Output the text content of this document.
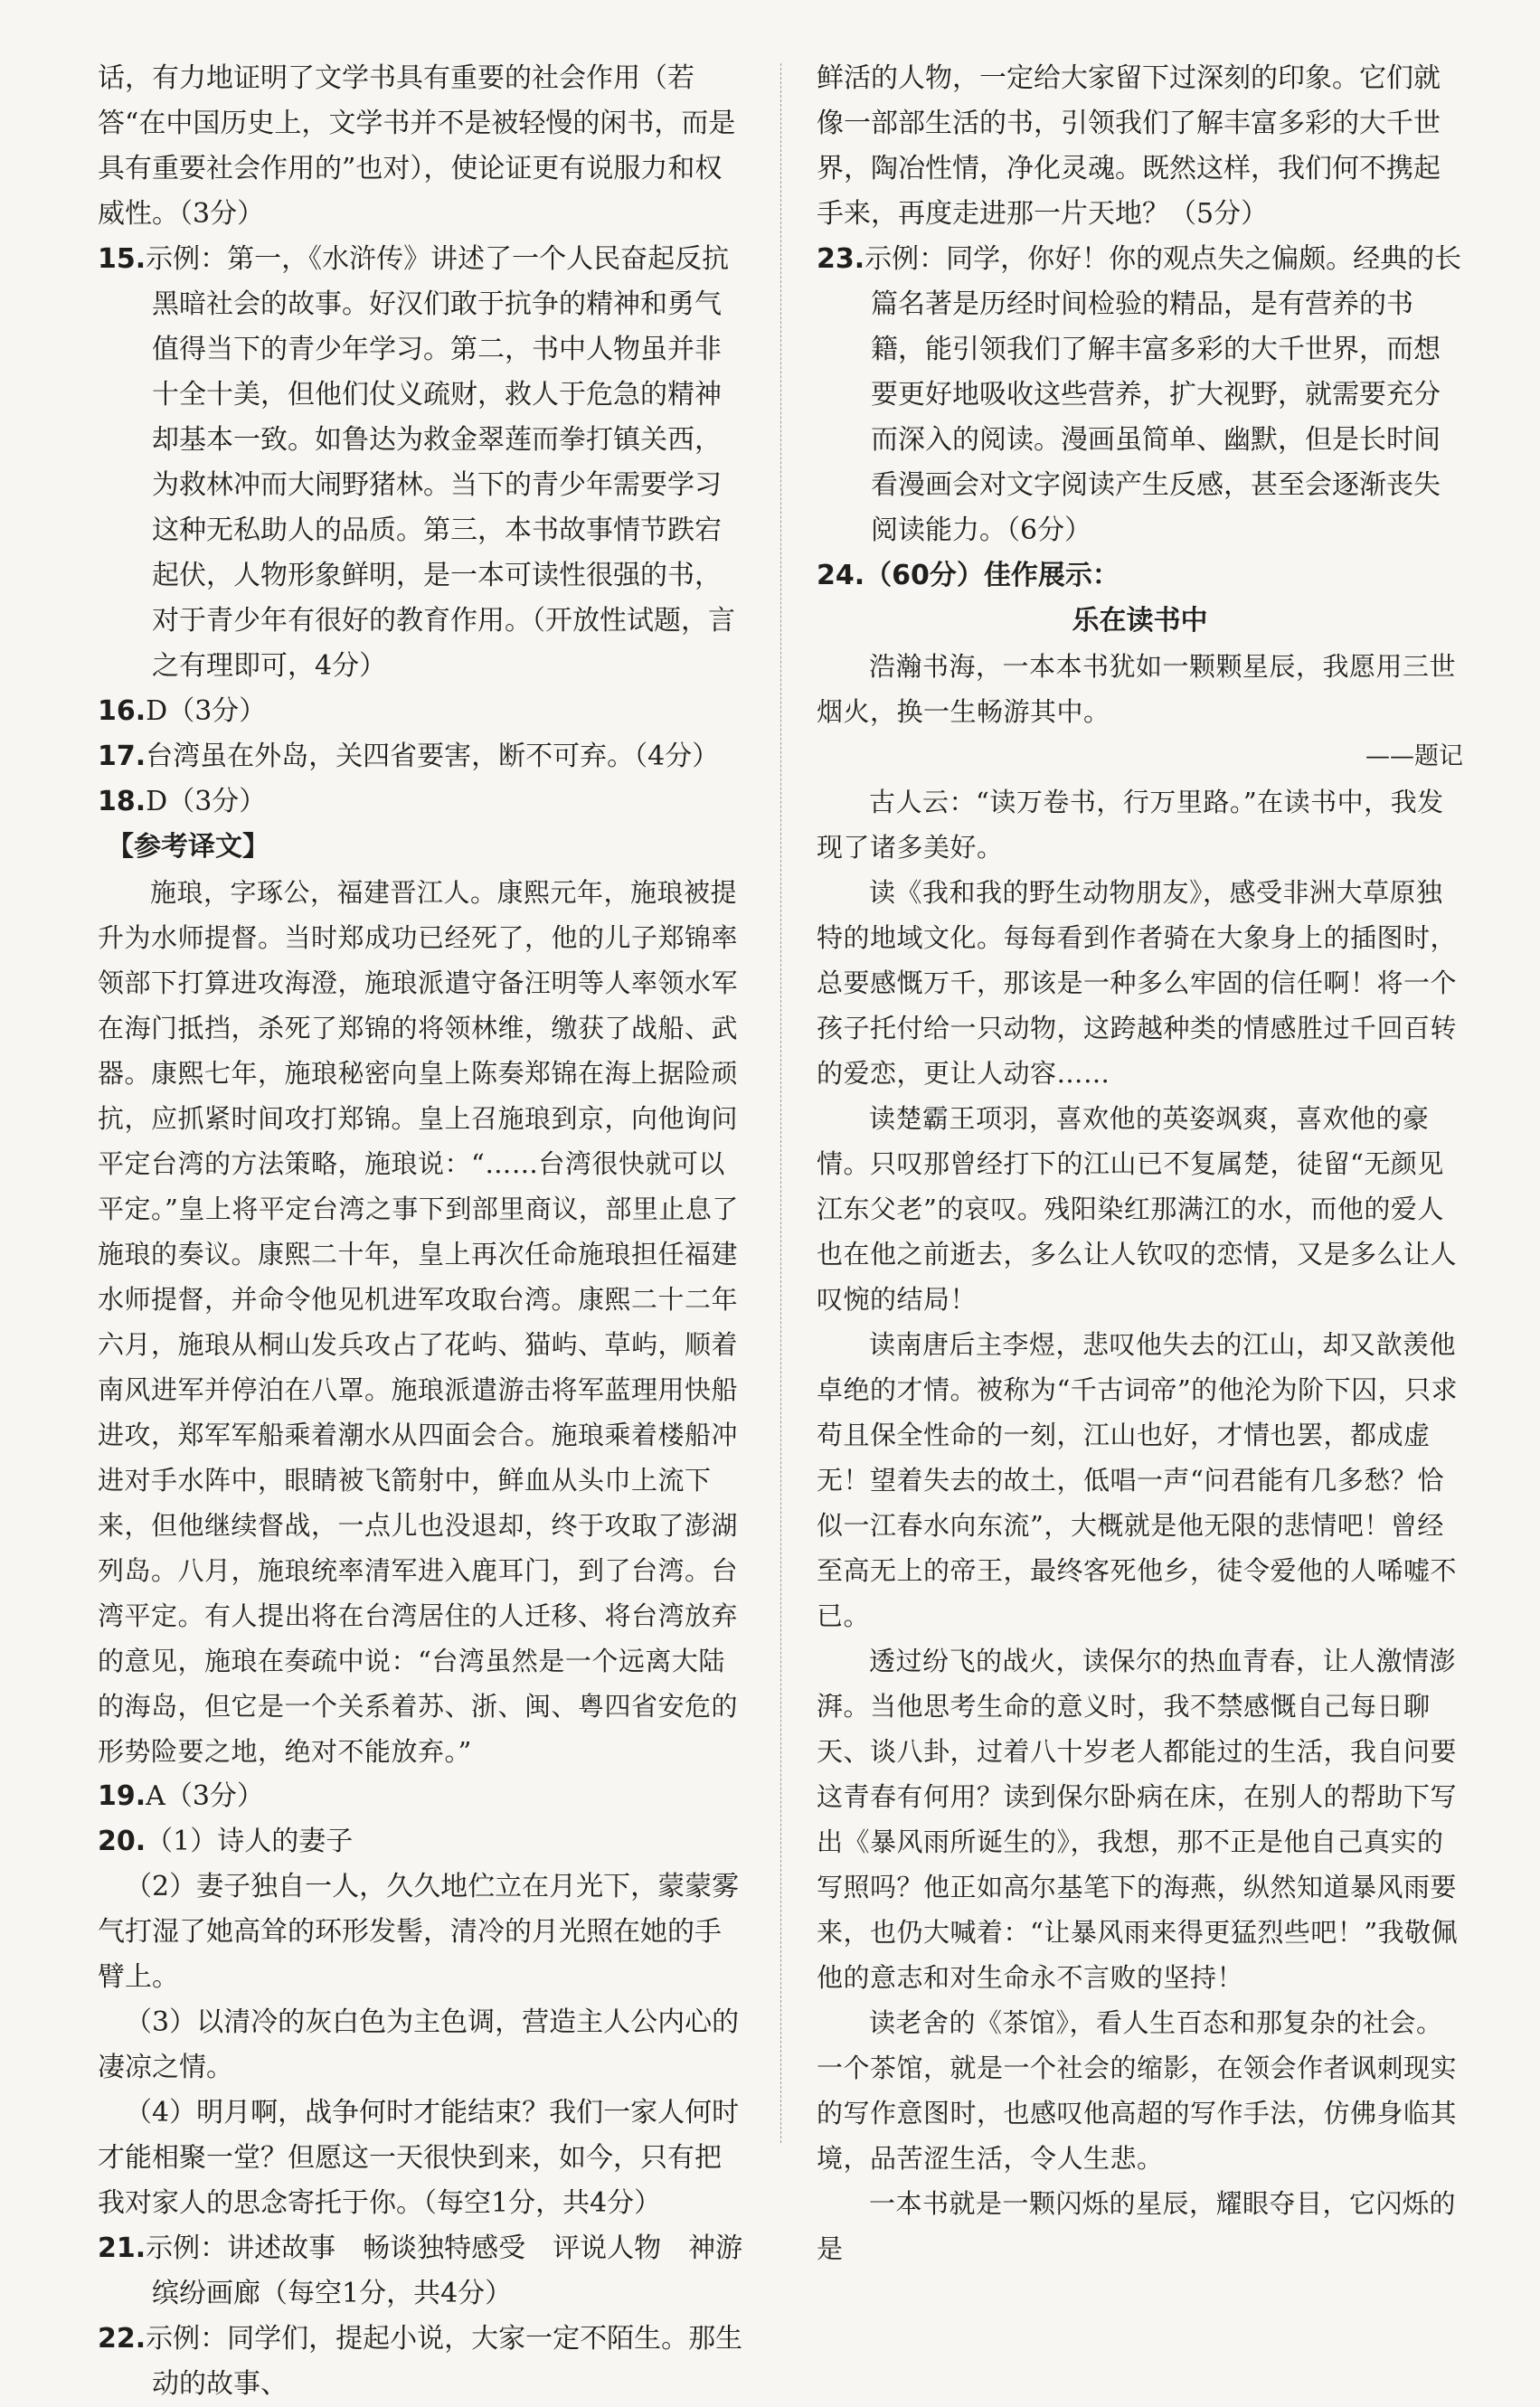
话，有力地证明了文学书具有重要的社会作用（若答“在中国历史上，文学书并不是被轻慢的闲书，而是具有重要社会作用的”也对），使论证更有说服力和权威性。（3分）

15.示例：第一，《水浒传》讲述了一个人民奋起反抗黑暗社会的故事。好汉们敢于抗争的精神和勇气值得当下的青少年学习。第二，书中人物虽并非十全十美，但他们仗义疏财，救人于危急的精神却基本一致。如鲁达为救金翠莲而拳打镇关西，为救林冲而大闹野猪林。当下的青少年需要学习这种无私助人的品质。第三，本书故事情节跌宕起伏，人物形象鲜明，是一本可读性很强的书，对于青少年有很好的教育作用。（开放性试题，言之有理即可，4分）

16.D（3分）

17.台湾虽在外岛，关四省要害，断不可弃。（4分）

18.D（3分）

【参考译文】

施琅，字琢公，福建晋江人。康熙元年，施琅被提升为水师提督。当时郑成功已经死了，他的儿子郑锦率领部下打算进攻海澄，施琅派遣守备汪明等人率领水军在海门抵挡，杀死了郑锦的将领林维，缴获了战船、武器。康熙七年，施琅秘密向皇上陈奏郑锦在海上据险顽抗，应抓紧时间攻打郑锦。皇上召施琅到京，向他询问平定台湾的方法策略，施琅说：“……台湾很快就可以平定。”皇上将平定台湾之事下到部里商议，部里止息了施琅的奏议。康熙二十年，皇上再次任命施琅担任福建水师提督，并命令他见机进军攻取台湾。康熙二十二年六月，施琅从桐山发兵攻占了花屿、猫屿、草屿，顺着南风进军并停泊在八罩。施琅派遣游击将军蓝理用快船进攻，郑军军船乘着潮水从四面会合。施琅乘着楼船冲进对手水阵中，眼睛被飞箭射中，鲜血从头巾上流下来，但他继续督战，一点儿也没退却，终于攻取了澎湖列岛。八月，施琅统率清军进入鹿耳门，到了台湾。台湾平定。有人提出将在台湾居住的人迁移、将台湾放弃的意见，施琅在奏疏中说：“台湾虽然是一个远离大陆的海岛，但它是一个关系着苏、浙、闽、粤四省安危的形势险要之地，绝对不能放弃。”

19.A（3分）

20.（1）诗人的妻子

（2）妻子独自一人，久久地伫立在月光下，蒙蒙雾气打湿了她高耸的环形发髻，清冷的月光照在她的手臂上。

（3）以清冷的灰白色为主色调，营造主人公内心的凄凉之情。

（4）明月啊，战争何时才能结束？我们一家人何时才能相聚一堂？但愿这一天很快到来，如今，只有把我对家人的思念寄托于你。（每空1分，共4分）

21.示例：讲述故事　畅谈独特感受　评说人物　神游缤纷画廊（每空1分，共4分）

22.示例：同学们，提起小说，大家一定不陌生。那生动的故事、

鲜活的人物，一定给大家留下过深刻的印象。它们就像一部部生活的书，引领我们了解丰富多彩的大千世界，陶冶性情，净化灵魂。既然这样，我们何不携起手来，再度走进那一片天地？（5分）

23.示例：同学，你好！你的观点失之偏颇。经典的长篇名著是历经时间检验的精品，是有营养的书籍，能引领我们了解丰富多彩的大千世界，而想要更好地吸收这些营养，扩大视野，就需要充分而深入的阅读。漫画虽简单、幽默，但是长时间看漫画会对文字阅读产生反感，甚至会逐渐丧失阅读能力。（6分）

24.（60分）佳作展示：

乐在读书中

浩瀚书海，一本本书犹如一颗颗星辰，我愿用三世烟火，换一生畅游其中。

——题记

古人云：“读万卷书，行万里路。”在读书中，我发现了诸多美好。

读《我和我的野生动物朋友》，感受非洲大草原独特的地域文化。每每看到作者骑在大象身上的插图时，总要感慨万千，那该是一种多么牢固的信任啊！将一个孩子托付给一只动物，这跨越种类的情感胜过千回百转的爱恋，更让人动容……

读楚霸王项羽，喜欢他的英姿飒爽，喜欢他的豪情。只叹那曾经打下的江山已不复属楚，徒留“无颜见江东父老”的哀叹。残阳染红那满江的水，而他的爱人也在他之前逝去，多么让人钦叹的恋情，又是多么让人叹惋的结局！

读南唐后主李煜，悲叹他失去的江山，却又歆羡他卓绝的才情。被称为“千古词帝”的他沦为阶下囚，只求苟且保全性命的一刻，江山也好，才情也罢，都成虚无！望着失去的故土，低唱一声“问君能有几多愁？恰似一江春水向东流”，大概就是他无限的悲情吧！曾经至高无上的帝王，最终客死他乡，徒令爱他的人唏嘘不已。

透过纷飞的战火，读保尔的热血青春，让人激情澎湃。当他思考生命的意义时，我不禁感慨自己每日聊天、谈八卦，过着八十岁老人都能过的生活，我自问要这青春有何用？读到保尔卧病在床，在别人的帮助下写出《暴风雨所诞生的》，我想，那不正是他自己真实的写照吗？他正如高尔基笔下的海燕，纵然知道暴风雨要来，也仍大喊着：“让暴风雨来得更猛烈些吧！”我敬佩他的意志和对生命永不言败的坚持！

读老舍的《茶馆》，看人生百态和那复杂的社会。一个茶馆，就是一个社会的缩影，在领会作者讽刺现实的写作意图时，也感叹他高超的写作手法，仿佛身临其境，品苦涩生活，令人生悲。

一本书就是一颗闪烁的星辰，耀眼夺目，它闪烁的是
